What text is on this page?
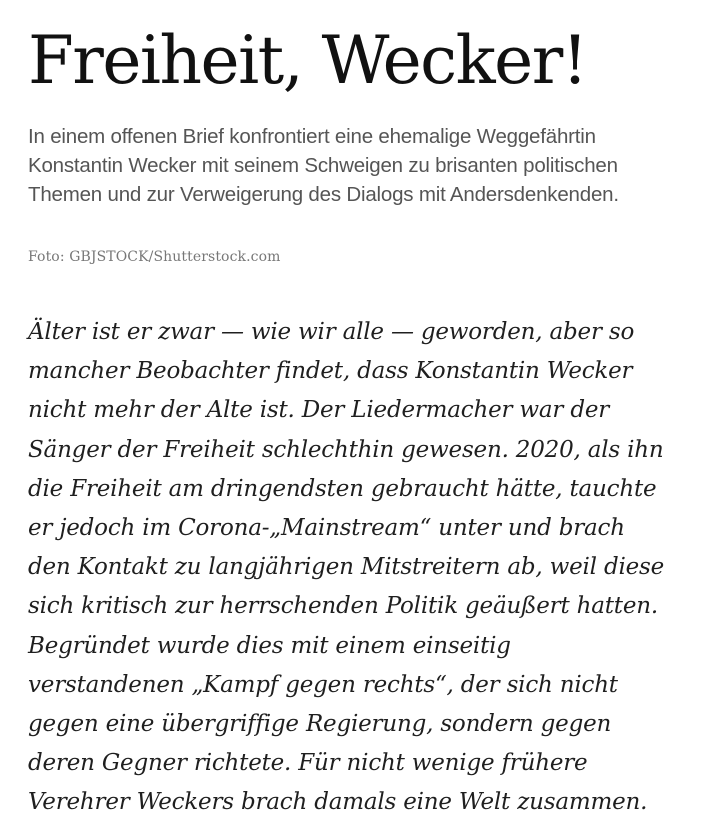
Freiheit, Wecker!

In einem offenen Brief konfrontiert eine ehemalige Weggefährtin Konstantin Wecker mit seinem Schweigen zu brisanten politischen Themen und zur Verweigerung des Dialogs mit Andersdenkenden.

Foto: GBJSTOCK/Shutterstock.com

Älter ist er zwar — wie wir alle — geworden, aber so
mancher Beobachter findet, dass Konstantin Wecker
nicht mehr der Alte ist. Der Liedermacher war der
Sänger der Freiheit schlechthin gewesen. 2020, als ihn
die Freiheit am dringendsten gebraucht hätte, tauchte
er jedoch im Corona-„Mainstream“ unter und brach
den Kontakt zu langjährigen Mitstreitern ab, weil diese
sich kritisch zur herrschenden Politik geäußert hatten.
Begründet wurde dies mit einem einseitig
verstandenen „Kampf gegen rechts“, der sich nicht
gegen eine übergriffige Regierung, sondern gegen
deren Gegner richtete. Für nicht wenige frühere
Verehrer Weckers brach damals eine Welt zusammen.
